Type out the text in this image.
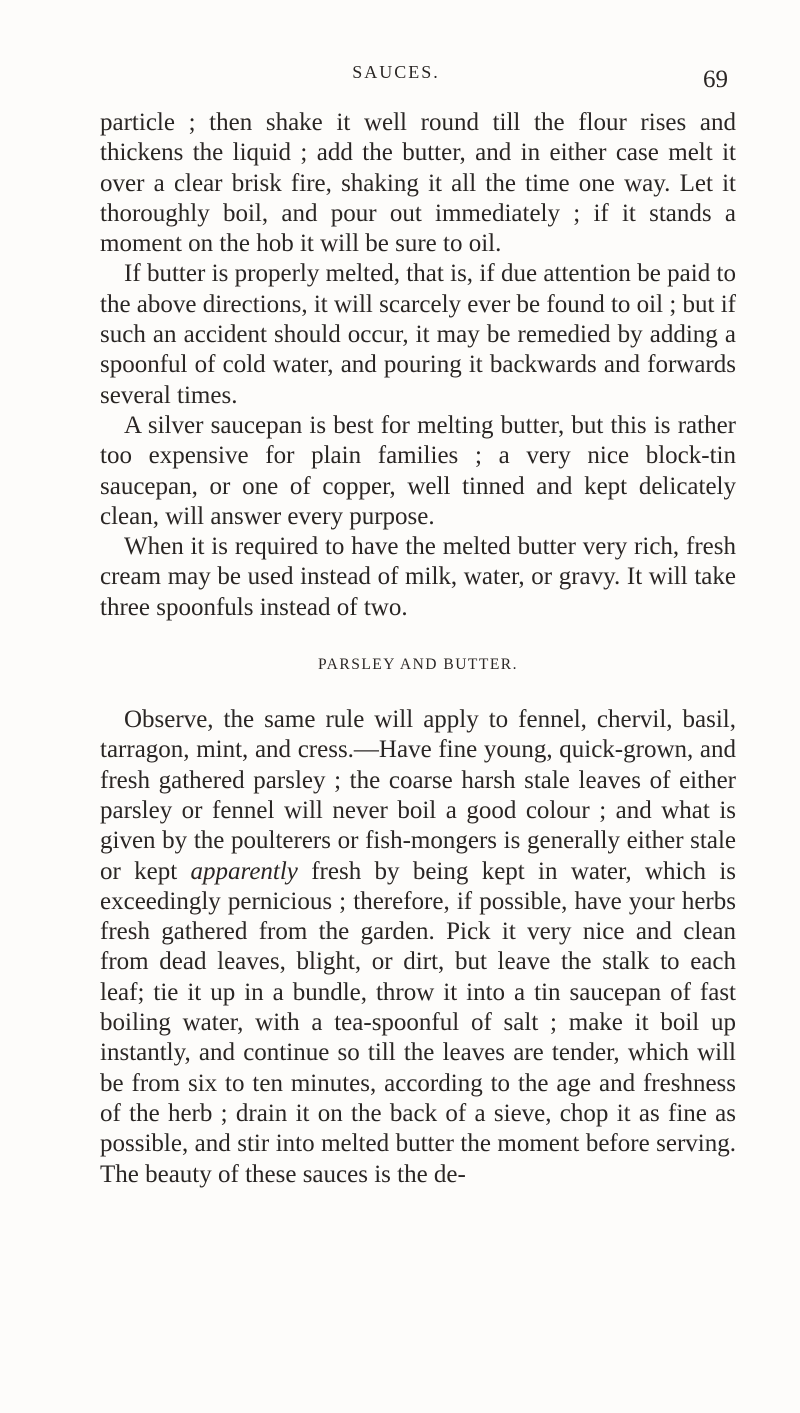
SAUCES.	69

particle ; then shake it well round till the flour rises and thickens the liquid ; add the butter, and in either case melt it over a clear brisk fire, shaking it all the time one way. Let it thoroughly boil, and pour out immediately ; if it stands a moment on the hob it will be sure to oil.

If butter is properly melted, that is, if due attention be paid to the above directions, it will scarcely ever be found to oil ; but if such an accident should occur, it may be remedied by adding a spoonful of cold water, and pouring it backwards and forwards several times.

A silver saucepan is best for melting butter, but this is rather too expensive for plain families ; a very nice block-tin saucepan, or one of copper, well tinned and kept delicately clean, will answer every purpose.

When it is required to have the melted butter very rich, fresh cream may be used instead of milk, water, or gravy. It will take three spoonfuls instead of two.

PARSLEY AND BUTTER.

Observe, the same rule will apply to fennel, chervil, basil, tarragon, mint, and cress.—Have fine young, quick-grown, and fresh gathered parsley ; the coarse harsh stale leaves of either parsley or fennel will never boil a good colour ; and what is given by the poulterers or fish-mongers is generally either stale or kept apparently fresh by being kept in water, which is exceedingly pernicious ; therefore, if possible, have your herbs fresh gathered from the garden. Pick it very nice and clean from dead leaves, blight, or dirt, but leave the stalk to each leaf; tie it up in a bundle, throw it into a tin saucepan of fast boiling water, with a tea-spoonful of salt ; make it boil up instantly, and continue so till the leaves are tender, which will be from six to ten minutes, according to the age and freshness of the herb ; drain it on the back of a sieve, chop it as fine as possible, and stir into melted butter the moment before serving. The beauty of these sauces is the de-
